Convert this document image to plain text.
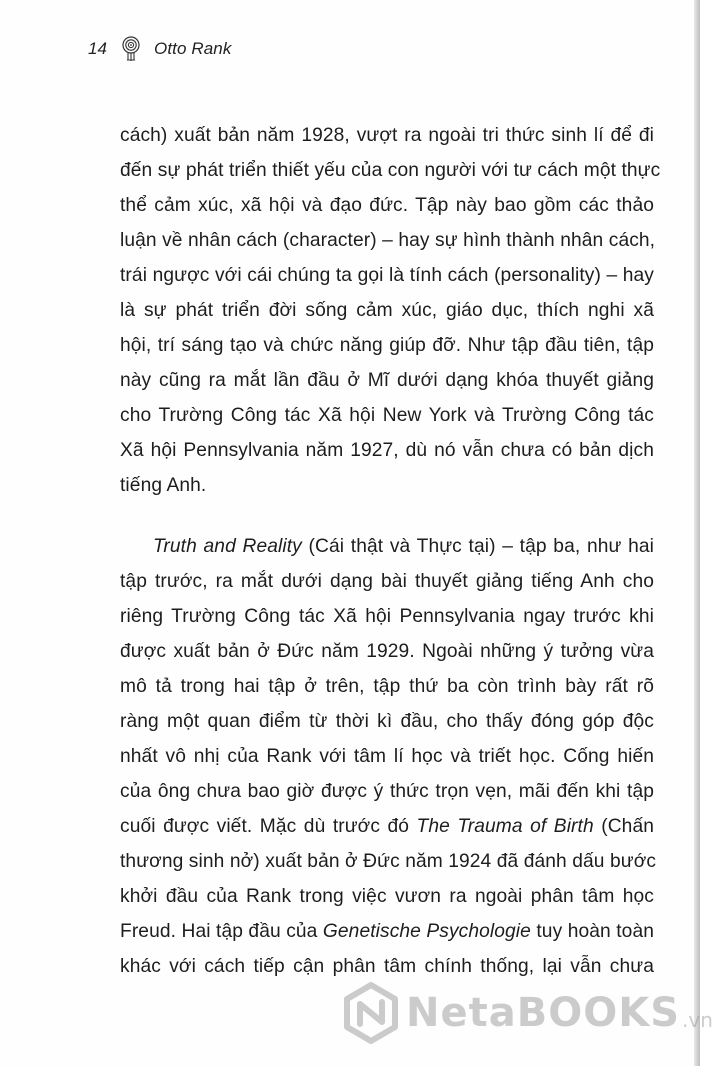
14	Otto Rank
cách) xuất bản năm 1928, vượt ra ngoài tri thức sinh lí để đi
đến sự phát triển thiết yếu của con người với tư cách một thực
thể cảm xúc, xã hội và đạo đức. Tập này bao gồm các thảo
luận về nhân cách (character) – hay sự hình thành nhân cách,
trái ngược với cái chúng ta gọi là tính cách (personality) – hay
là sự phát triển đời sống cảm xúc, giáo dục, thích nghi xã
hội, trí sáng tạo và chức năng giúp đỡ. Như tập đầu tiên, tập
này cũng ra mắt lần đầu ở Mĩ dưới dạng khóa thuyết giảng
cho Trường Công tác Xã hội New York và Trường Công tác
Xã hội Pennsylvania năm 1927, dù nó vẫn chưa có bản dịch
tiếng Anh.
Truth and Reality (Cái thật và Thực tại) – tập ba, như hai
tập trước, ra mắt dưới dạng bài thuyết giảng tiếng Anh cho
riêng Trường Công tác Xã hội Pennsylvania ngay trước khi
được xuất bản ở Đức năm 1929. Ngoài những ý tưởng vừa
mô tả trong hai tập ở trên, tập thứ ba còn trình bày rất rõ
ràng một quan điểm từ thời kì đầu, cho thấy đóng góp độc
nhất vô nhị của Rank với tâm lí học và triết học. Cống hiến
của ông chưa bao giờ được ý thức trọn vẹn, mãi đến khi tập
cuối được viết. Mặc dù trước đó The Trauma of Birth (Chấn
thương sinh nở) xuất bản ở Đức năm 1924 đã đánh dấu bước
khởi đầu của Rank trong việc vươn ra ngoài phân tâm học
Freud. Hai tập đầu của Genetische Psychologie tuy hoàn toàn
khác với cách tiếp cận phân tâm chính thống, lại vẫn chưa
NetaBOOKS .vn
